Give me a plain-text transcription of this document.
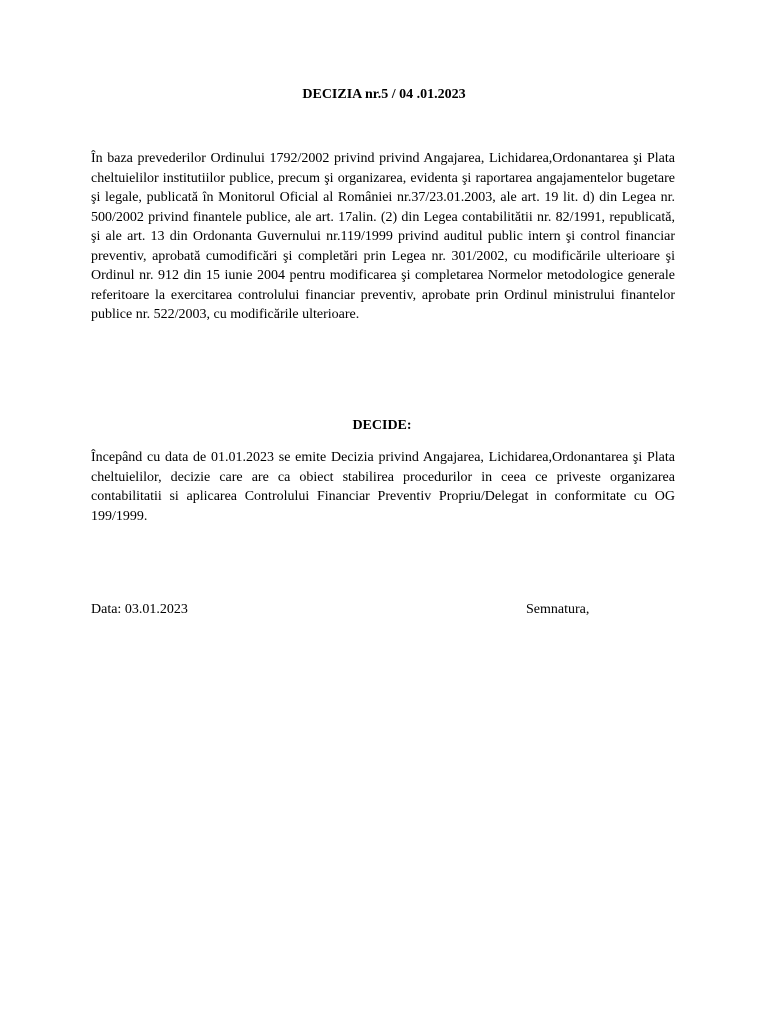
DECIZIA nr.5 / 04 .01.2023

În baza prevederilor Ordinului 1792/2002 privind privind Angajarea, Lichidarea,Ordonantarea şi Plata cheltuielilor institutiilor publice, precum şi organizarea, evidenta şi raportarea angajamentelor bugetare şi legale, publicată în Monitorul Oficial al României nr.37/23.01.2003, ale art. 19 lit. d) din Legea nr. 500/2002 privind finantele publice, ale art. 17alin. (2) din Legea contabilitătii nr. 82/1991, republicată, şi ale art. 13 din Ordonanta Guvernului nr.119/1999 privind auditul public intern şi control financiar preventiv, aprobată cumodificări şi completări prin Legea nr. 301/2002, cu modificările ulterioare şi Ordinul nr. 912 din 15 iunie 2004 pentru modificarea şi completarea Normelor metodologice generale referitoare la exercitarea controlului financiar preventiv, aprobate prin Ordinul ministrului finantelor publice nr. 522/2003, cu modificările ulterioare.

DECIDE:

Începând cu data de 01.01.2023 se emite Decizia privind Angajarea, Lichidarea,Ordonantarea şi Plata cheltuielilor, decizie care are ca obiect stabilirea procedurilor in ceea ce priveste organizarea contabilitatii si aplicarea Controlului Financiar Preventiv Propriu/Delegat in conformitate cu OG 199/1999.

Data: 03.01.2023	Semnatura,
